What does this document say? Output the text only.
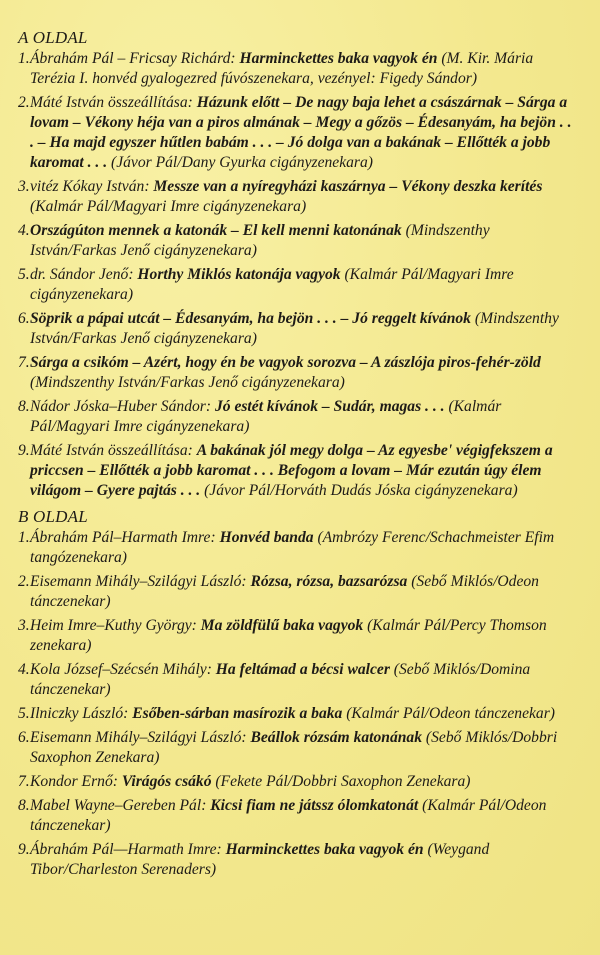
A OLDAL
1. Ábrahám Pál – Fricsay Richárd: Harminckettes baka vagyok én (M. Kir. Mária Terézia I. honvéd gyalogezred fúvószenekara, vezényel: Figedy Sándor)
2. Máté István összeállítása: Házunk előtt – De nagy baja lehet a császárnak – Sárga a lovam – Vékony héja van a piros almának – Megy a gőzös – Édesanyám, ha bejön . . . – Ha majd egyszer hűtlen babám . . . – Jó dolga van a bakának – Ellőtték a jobb karomat . . . (Jávor Pál/Dany Gyurka cigányzenekara)
3. vitéz Kókay István: Messze van a nyíregyházi kaszárnya – Vékony deszka kerítés (Kalmár Pál/Magyari Imre cigányzenekara)
4. Országúton mennek a katonák – El kell menni katonának (Mindszenthy István/Farkas Jenő cigányzenekara)
5. dr. Sándor Jenő: Horthy Miklós katonája vagyok (Kalmár Pál/Magyari Imre cigányzenekara)
6. Söprik a pápai utcát – Édesanyám, ha bejön . . . – Jó reggelt kívánok (Mindszenthy István/Farkas Jenő cigányzenekara)
7. Sárga a csikóm – Azért, hogy én be vagyok sorozva – A zászlója piros-fehér-zöld (Mindszenthy István/Farkas Jenő cigányzenekara)
8. Nádor Jóska–Huber Sándor: Jó estét kívánok – Sudár, magas . . . (Kalmár Pál/Magyari Imre cigányzenekara)
9. Máté István összeállítása: A bakának jól megy dolga – Az egyesbe' végigfekszem a priccsen – Ellőtték a jobb karomat . . . Befogom a lovam – Már ezután úgy élem világom – Gyere pajtás . . . (Jávor Pál/Horváth Dudás Jóska cigányzenekara)
B OLDAL
1. Ábrahám Pál–Harmath Imre: Honvéd banda (Ambrózy Ferenc/Schachmeister Efim tangózenekara)
2. Eisemann Mihály–Szilágyi László: Rózsa, rózsa, bazsarózsa (Sebő Miklós/Odeon tánczenekar)
3. Heim Imre–Kuthy György: Ma zöldfülű baka vagyok (Kalmár Pál/Percy Thomson zenekara)
4. Kola József–Szécsén Mihály: Ha feltámad a bécsi walcer (Sebő Miklós/Domina tánczenekar)
5. Ilniczky László: Esőben-sárban masírozik a baka (Kalmár Pál/Odeon tánczenekar)
6. Eisemann Mihály–Szilágyi László: Beállok rózsám katonának (Sebő Miklós/Dobbri Saxophon Zenekara)
7. Kondor Ernő: Virágós csákó (Fekete Pál/Dobbri Saxophon Zenekara)
8. Mabel Wayne–Gereben Pál: Kicsi fiam ne játssz ólomkatonát (Kalmár Pál/Odeon tánczenekar)
9. Ábrahám Pál—Harmath Imre: Harminckettes baka vagyok én (Weygand Tibor/Charleston Serenaders)
